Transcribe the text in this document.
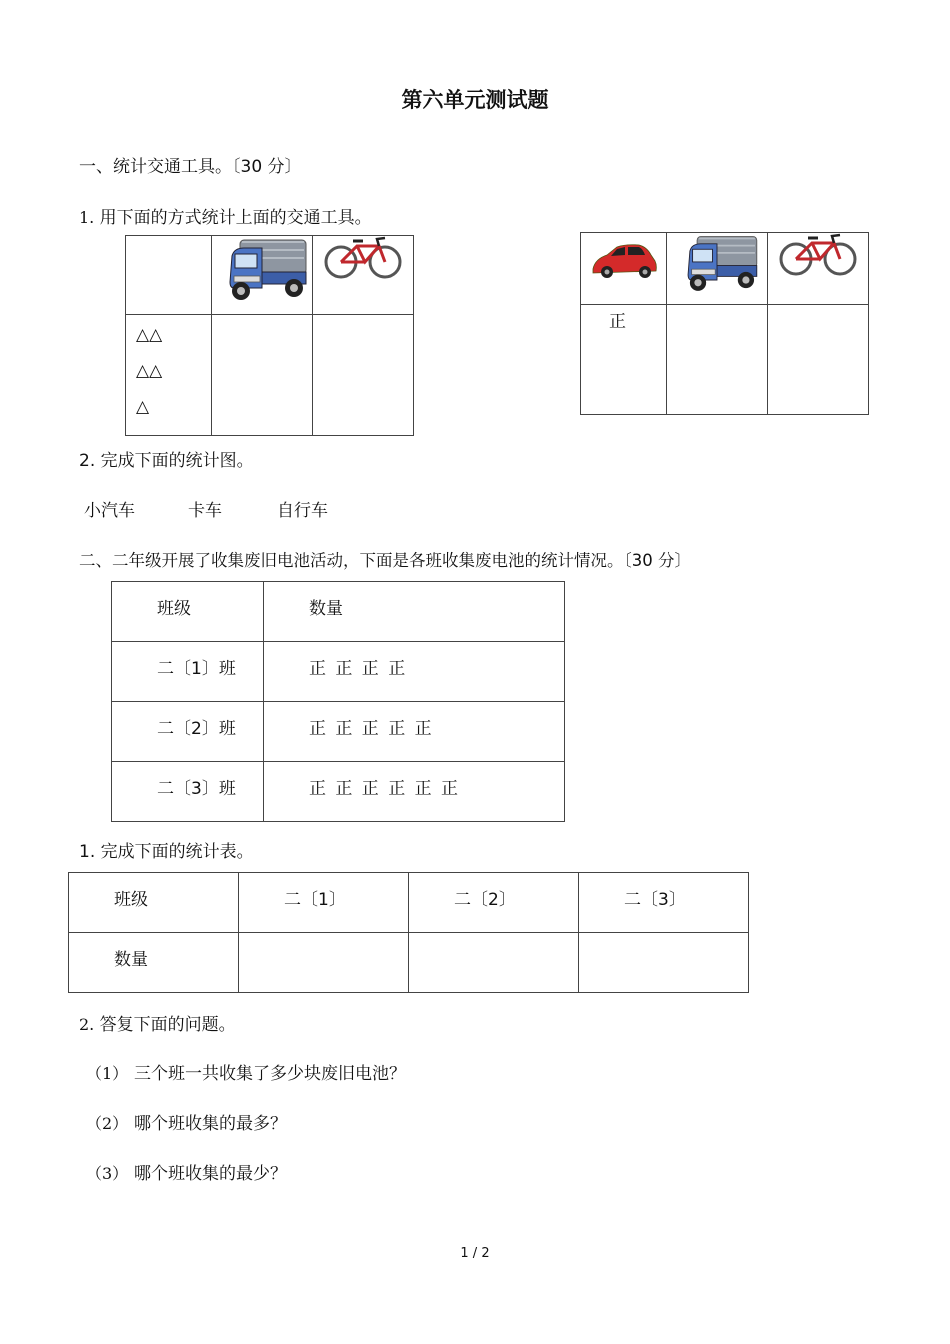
第六单元测试题
一、统计交通工具。〔30 分〕
1. 用下面的方式统计上面的交通工具。

△△
△△
△		

正		

2. 完成下面的统计图。
小汽车	卡车	自行车
二、二年级开展了收集废旧电池活动，下面是各班收集废电池的统计情况。〔30 分〕
班级	数量

二〔1〕班	正 正 正 正

二〔2〕班	正 正 正 正 正

二〔3〕班	正 正 正 正 正 正
1. 完成下面的统计表。
班级	二〔1〕	二〔2〕	二〔3〕

数量			

2. 答复下面的问题。
（1） 三个班一共收集了多少块废旧电池？
（2） 哪个班收集的最多？
（3） 哪个班收集的最少？
1 / 2
